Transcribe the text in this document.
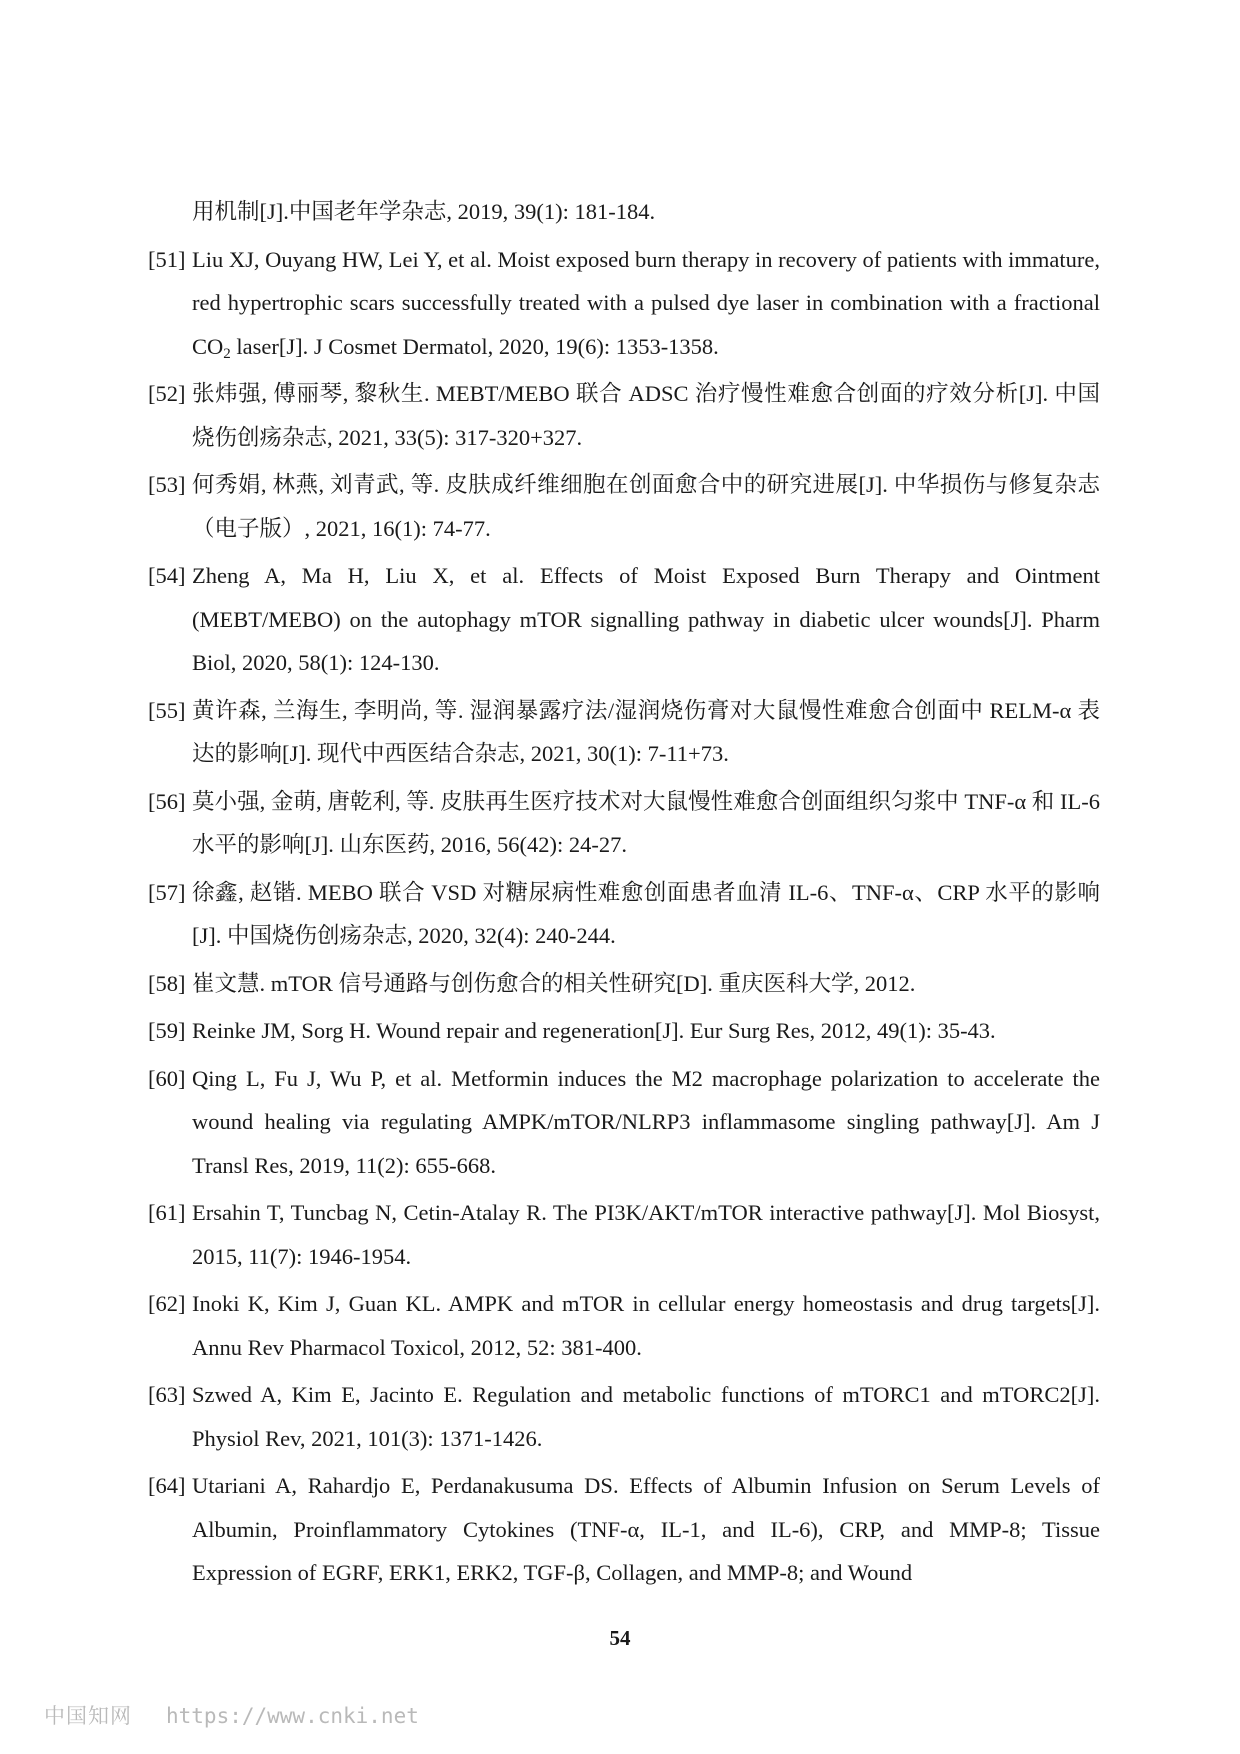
用机制[J].中国老年学杂志, 2019, 39(1): 181-184.
[51] Liu XJ, Ouyang HW, Lei Y, et al. Moist exposed burn therapy in recovery of patients with immature, red hypertrophic scars successfully treated with a pulsed dye laser in combination with a fractional $CO_2$ laser[J]. J Cosmet Dermatol, 2020, 19(6): 1353-1358.
[52] 张炜强, 傅丽琴, 黎秋生. MEBT/MEBO 联合 ADSC 治疗慢性难愈合创面的疗效分析[J]. 中国烧伤创疡杂志, 2021, 33(5): 317-320+327.
[53] 何秀娟, 林燕, 刘青武, 等. 皮肤成纤维细胞在创面愈合中的研究进展[J]. 中华损伤与修复杂志（电子版）, 2021, 16(1): 74-77.
[54] Zheng A, Ma H, Liu X, et al. Effects of Moist Exposed Burn Therapy and Ointment (MEBT/MEBO) on the autophagy mTOR signalling pathway in diabetic ulcer wounds[J]. Pharm Biol, 2020, 58(1): 124-130.
[55] 黄许森, 兰海生, 李明尚, 等. 湿润暴露疗法/湿润烧伤膏对大鼠慢性难愈合创面中 RELM-α 表达的影响[J]. 现代中西医结合杂志, 2021, 30(1): 7-11+73.
[56] 莫小强, 金萌, 唐乾利, 等. 皮肤再生医疗技术对大鼠慢性难愈合创面组织匀浆中 TNF-α 和 IL-6 水平的影响[J]. 山东医药, 2016, 56(42): 24-27.
[57] 徐鑫, 赵锴. MEBO 联合 VSD 对糖尿病性难愈创面患者血清 IL-6、TNF-α、CRP 水平的影响[J]. 中国烧伤创疡杂志, 2020, 32(4): 240-244.
[58] 崔文慧. mTOR 信号通路与创伤愈合的相关性研究[D]. 重庆医科大学, 2012.
[59] Reinke JM, Sorg H. Wound repair and regeneration[J]. Eur Surg Res, 2012, 49(1): 35-43.
[60] Qing L, Fu J, Wu P, et al. Metformin induces the M2 macrophage polarization to accelerate the wound healing via regulating AMPK/mTOR/NLRP3 inflammasome singling pathway[J]. Am J Transl Res, 2019, 11(2): 655-668.
[61] Ersahin T, Tuncbag N, Cetin-Atalay R. The PI3K/AKT/mTOR interactive pathway[J]. Mol Biosyst, 2015, 11(7): 1946-1954.
[62] Inoki K, Kim J, Guan KL. AMPK and mTOR in cellular energy homeostasis and drug targets[J]. Annu Rev Pharmacol Toxicol, 2012, 52: 381-400.
[63] Szwed A, Kim E, Jacinto E. Regulation and metabolic functions of mTORC1 and mTORC2[J]. Physiol Rev, 2021, 101(3): 1371-1426.
[64] Utariani A, Rahardjo E, Perdanakusuma DS. Effects of Albumin Infusion on Serum Levels of Albumin, Proinflammatory Cytokines (TNF-α, IL-1, and IL-6), CRP, and MMP-8; Tissue Expression of EGRF, ERK1, ERK2, TGF-β, Collagen, and MMP-8; and Wound
54
中国知网 https://www.cnki.net
